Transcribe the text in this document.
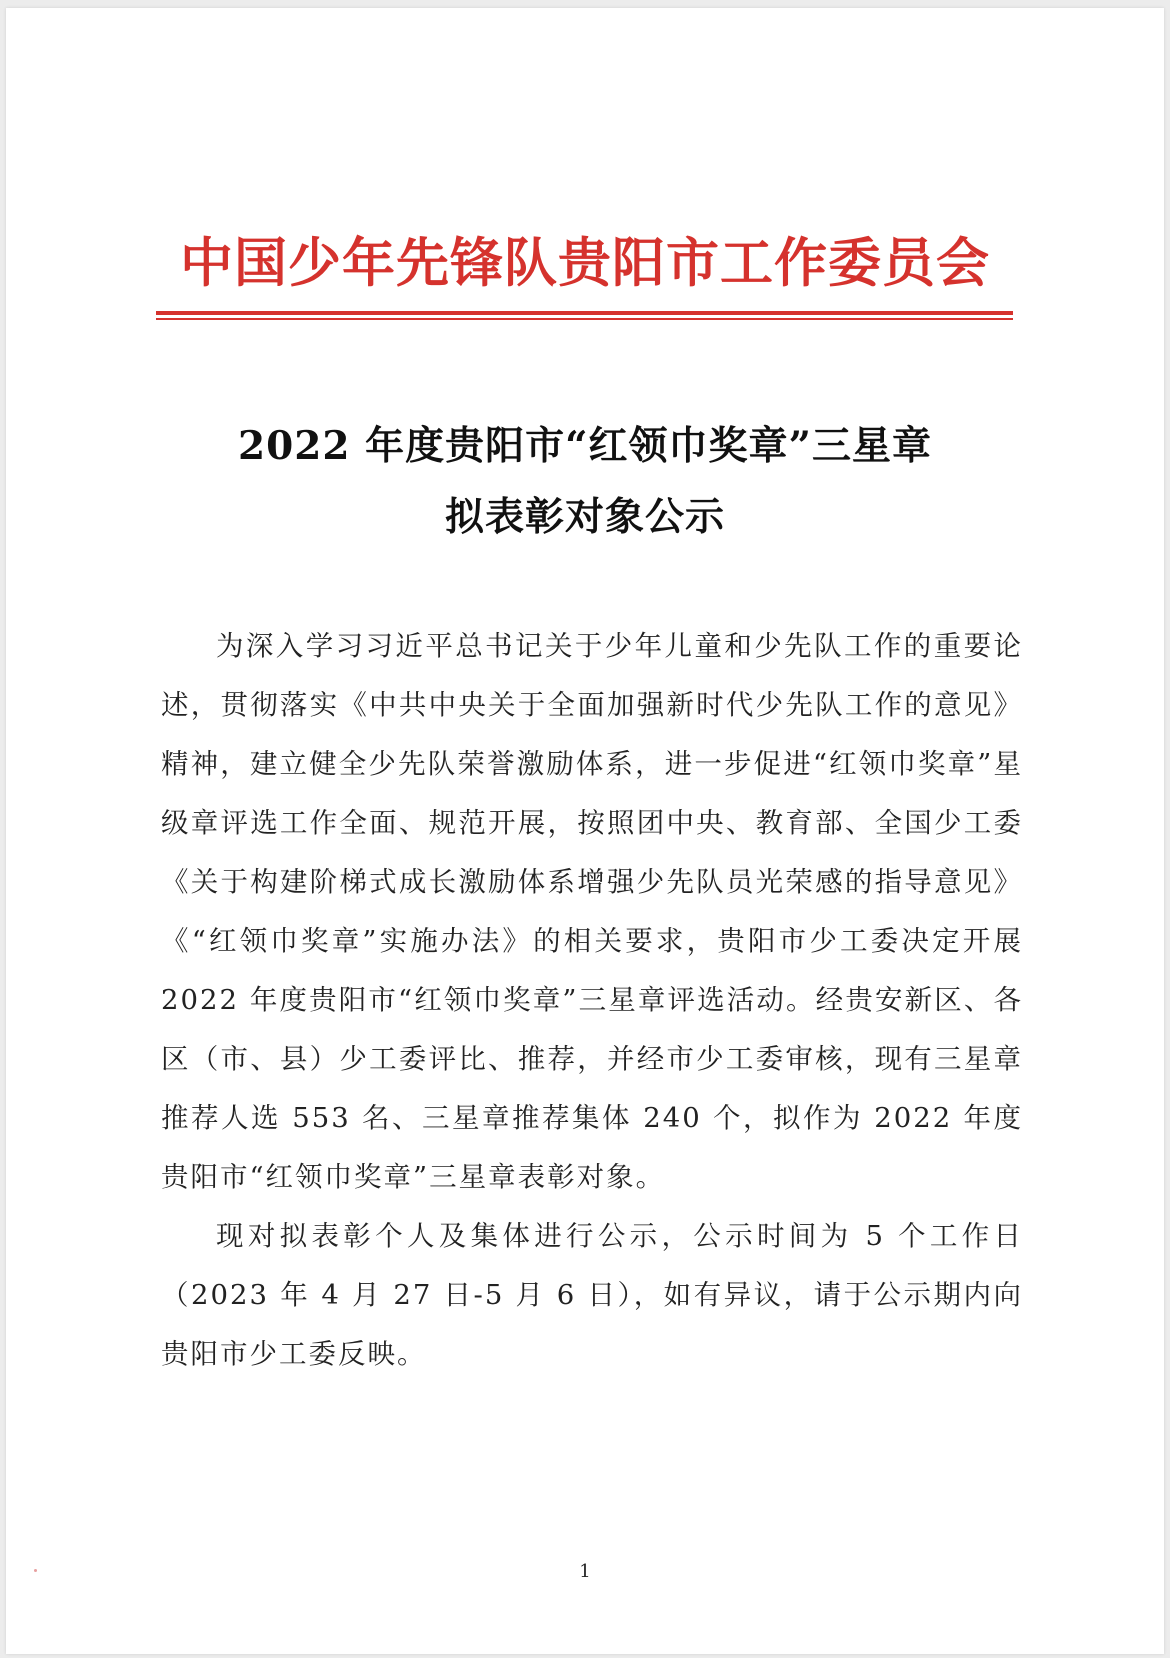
中国少年先锋队贵阳市工作委员会
2022 年度贵阳市“红领巾奖章”三星章
拟表彰对象公示

为深入学习习近平总书记关于少年儿童和少先队工作的重要论述，贯彻落实《中共中央关于全面加强新时代少先队工作的意见》精神，建立健全少先队荣誉激励体系，进一步促进“红领巾奖章”星级章评选工作全面、规范开展，按照团中央、教育部、全国少工委《关于构建阶梯式成长激励体系增强少先队员光荣感的指导意见》《“红领巾奖章”实施办法》的相关要求，贵阳市少工委决定开展 2022 年度贵阳市“红领巾奖章”三星章评选活动。经贵安新区、各区（市、县）少工委评比、推荐，并经市少工委审核，现有三星章推荐人选 553 名、三星章推荐集体 240 个，拟作为 2022 年度贵阳市“红领巾奖章”三星章表彰对象。

现对拟表彰个人及集体进行公示，公示时间为 5 个工作日（2023 年 4 月 27 日-5 月 6 日），如有异议，请于公示期内向贵阳市少工委反映。

1
